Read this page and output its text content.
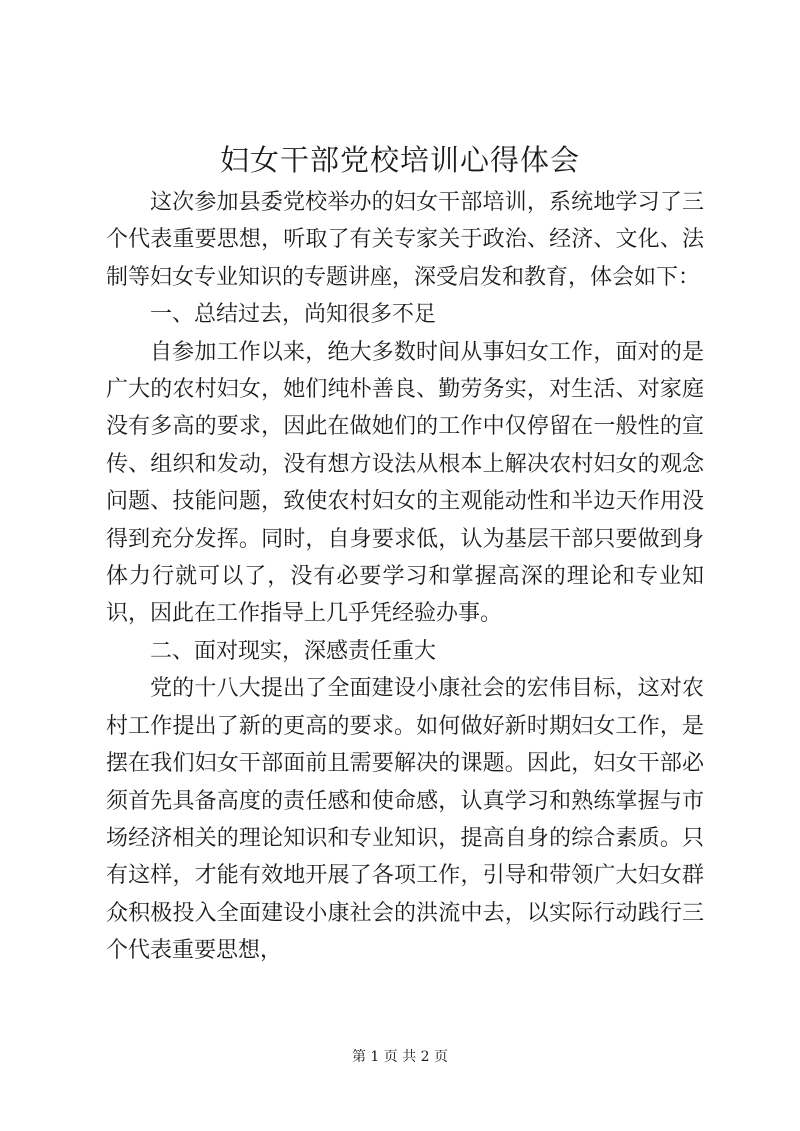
妇女干部党校培训心得体会

这次参加县委党校举办的妇女干部培训，系统地学习了三个代表重要思想，听取了有关专家关于政治、经济、文化、法制等妇女专业知识的专题讲座，深受启发和教育，体会如下：

一、总结过去，尚知很多不足

自参加工作以来，绝大多数时间从事妇女工作，面对的是广大的农村妇女，她们纯朴善良、勤劳务实，对生活、对家庭没有多高的要求，因此在做她们的工作中仅停留在一般性的宣传、组织和发动，没有想方设法从根本上解决农村妇女的观念问题、技能问题，致使农村妇女的主观能动性和半边天作用没得到充分发挥。同时，自身要求低，认为基层干部只要做到身体力行就可以了，没有必要学习和掌握高深的理论和专业知识，因此在工作指导上几乎凭经验办事。

二、面对现实，深感责任重大

党的十八大提出了全面建设小康社会的宏伟目标，这对农村工作提出了新的更高的要求。如何做好新时期妇女工作，是摆在我们妇女干部面前且需要解决的课题。因此，妇女干部必须首先具备高度的责任感和使命感，认真学习和熟练掌握与市场经济相关的理论知识和专业知识，提高自身的综合素质。只有这样，才能有效地开展了各项工作，引导和带领广大妇女群众积极投入全面建设小康社会的洪流中去，以实际行动践行三个代表重要思想，

第 1 页 共 2 页
